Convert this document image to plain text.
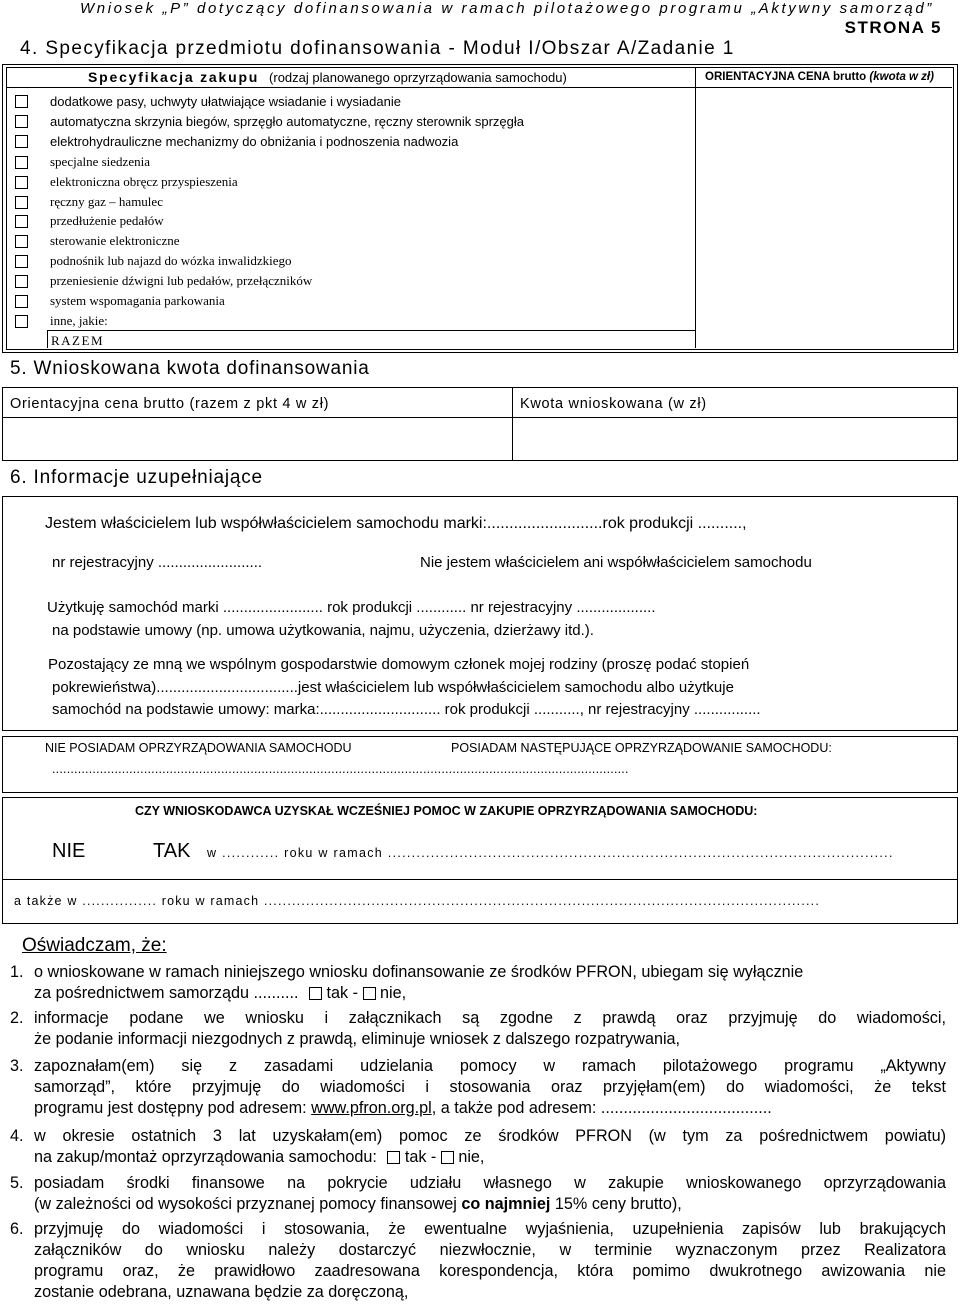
Wniosek „P” dotyczący dofinansowania w ramach pilotażowego programu „Aktywny samorząd”
STRONA 5
4. Specyfikacja przedmiotu dofinansowania - Moduł I/Obszar A/Zadanie 1
Specyfikacja zakupu (rodzaj planowanego oprzyrządowania samochodu)	ORIENTACYJNA CENA brutto (kwota w zł)
dodatkowe pasy, uchwyty ułatwiające wsiadanie i wysiadanie
automatyczna skrzynia biegów, sprzęgło automatyczne, ręczny sterownik sprzęgła
elektrohydrauliczne mechanizmy do obniżania i podnoszenia nadwozia
specjalne siedzenia
elektroniczna obręcz przyspieszenia
ręczny gaz – hamulec
przedłużenie pedałów
sterowanie elektroniczne
podnośnik lub najazd do wózka inwalidzkiego
przeniesienie dźwigni lub pedałów, przełączników
system wspomagania parkowania
inne, jakie:
RAZEM
5. Wnioskowana kwota dofinansowania
Orientacyjna cena brutto (razem z pkt 4 w zł)	Kwota wnioskowana (w zł)
6. Informacje uzupełniające
Jestem właścicielem lub współwłaścicielem samochodu marki:..........................rok produkcji ..........,
nr rejestracyjny .........................	Nie jestem właścicielem ani współwłaścicielem samochodu
Użytkuję samochód marki ........................ rok produkcji ............ nr rejestracyjny ...................
na podstawie umowy (np. umowa użytkowania, najmu, użyczenia, dzierżawy itd.).
Pozostający ze mną we wspólnym gospodarstwie domowym członek mojej rodziny (proszę podać stopień
pokrewieństwa)..................................jest właścicielem lub współwłaścicielem samochodu albo użytkuje
samochód na podstawie umowy: marka:............................. rok produkcji ..........., nr rejestracyjny ................
NIE POSIADAM OPRZYRZĄDOWANIA SAMOCHODU	POSIADAM NASTĘPUJĄCE OPRZYRZĄDOWANIE SAMOCHODU:
.............................................................................................................................................................
CZY WNIOSKODAWCA UZYSKAŁ WCZEŚNIEJ POMOC W ZAKUPIE OPRZYRZĄDOWANIA SAMOCHODU:
NIE	TAK w ............ roku w ramach ..........................................................................................................
a także w ................ roku w ramach .......................................................................................................................
Oświadczam, że:
1. o wnioskowane w ramach niniejszego wniosku dofinansowanie ze środków PFRON, ubiegam się wyłącznie
za pośrednictwem samorządu .......... tak - nie,
2. informacje podane we wniosku i załącznikach są zgodne z prawdą oraz przyjmuję do wiadomości,
że podanie informacji niezgodnych z prawdą, eliminuje wniosek z dalszego rozpatrywania,
3. zapoznałam(em) się z zasadami udzielania pomocy w ramach pilotażowego programu „Aktywny
samorząd”, które przyjmuję do wiadomości i stosowania oraz przyjęłam(em) do wiadomości, że tekst
programu jest dostępny pod adresem: www.pfron.org.pl, a także pod adresem: ......................................
4. w okresie ostatnich 3 lat uzyskałam(em) pomoc ze środków PFRON (w tym za pośrednictwem powiatu)
na zakup/montaż oprzyrządowania samochodu: tak - nie,
5. posiadam środki finansowe na pokrycie udziału własnego w zakupie wnioskowanego oprzyrządowania
(w zależności od wysokości przyznanej pomocy finansowej co najmniej 15% ceny brutto),
6. przyjmuję do wiadomości i stosowania, że ewentualne wyjaśnienia, uzupełnienia zapisów lub brakujących
załączników do wniosku należy dostarczyć niezwłocznie, w terminie wyznaczonym przez Realizatora
programu oraz, że prawidłowo zaadresowana korespondencja, która pomimo dwukrotnego awizowania nie
zostanie odebrana, uznawana będzie za doręczoną,
